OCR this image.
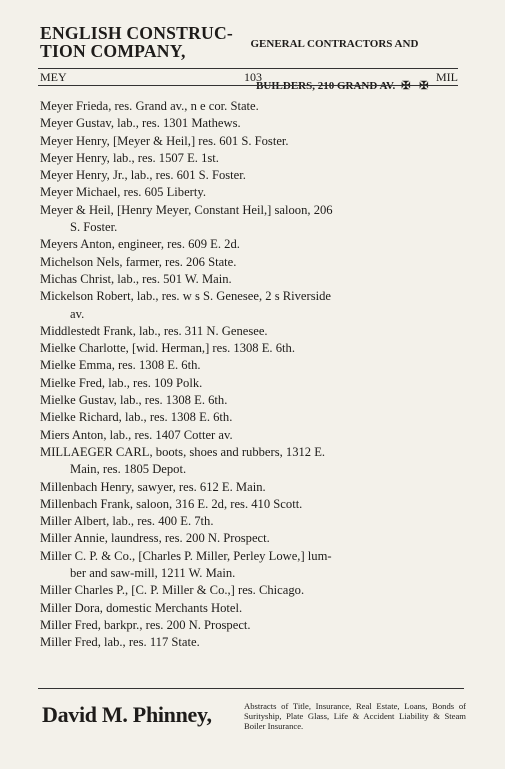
ENGLISH CONSTRUC-
TION COMPANY,	GENERAL CONTRACTORS AND

BUILDERS, 210 GRAND AV. ✠ ✠

MEY	103	MIL
Meyer Frieda, res. Grand av., n e cor. State.
Meyer Gustav, lab., res. 1301 Mathews.
Meyer Henry, [Meyer & Heil,] res. 601 S. Foster.
Meyer Henry, lab., res. 1507 E. 1st.
Meyer Henry, Jr., lab., res. 601 S. Foster.
Meyer Michael, res. 605 Liberty.
Meyer & Heil, [Henry Meyer, Constant Heil,] saloon, 206
S. Foster.
Meyers Anton, engineer, res. 609 E. 2d.
Michelson Nels, farmer, res. 206 State.
Michas Christ, lab., res. 501 W. Main.
Mickelson Robert, lab., res. w s S. Genesee, 2 s Riverside
av.
Middlestedt Frank, lab., res. 311 N. Genesee.
Mielke Charlotte, [wid. Herman,] res. 1308 E. 6th.
Mielke Emma, res. 1308 E. 6th.
Mielke Fred, lab., res. 109 Polk.
Mielke Gustav, lab., res. 1308 E. 6th.
Mielke Richard, lab., res. 1308 E. 6th.
Miers Anton, lab., res. 1407 Cotter av.
MILLAEGER CARL, boots, shoes and rubbers, 1312 E.
Main, res. 1805 Depot.
Millenbach Henry, sawyer, res. 612 E. Main.
Millenbach Frank, saloon, 316 E. 2d, res. 410 Scott.
Miller Albert, lab., res. 400 E. 7th.
Miller Annie, laundress, res. 200 N. Prospect.
Miller C. P. & Co., [Charles P. Miller, Perley Lowe,] lum-
ber and saw-mill, 1211 W. Main.
Miller Charles P., [C. P. Miller & Co.,] res. Chicago.
Miller Dora, domestic Merchants Hotel.
Miller Fred, barkpr., res. 200 N. Prospect.
Miller Fred, lab., res. 117 State.
David M. Phinney,	Abstracts of Title, Insurance, Real Estate, Loans, Bonds of Surityship, Plate Glass, Life & Accident Liability & Steam Boiler Insurance.
